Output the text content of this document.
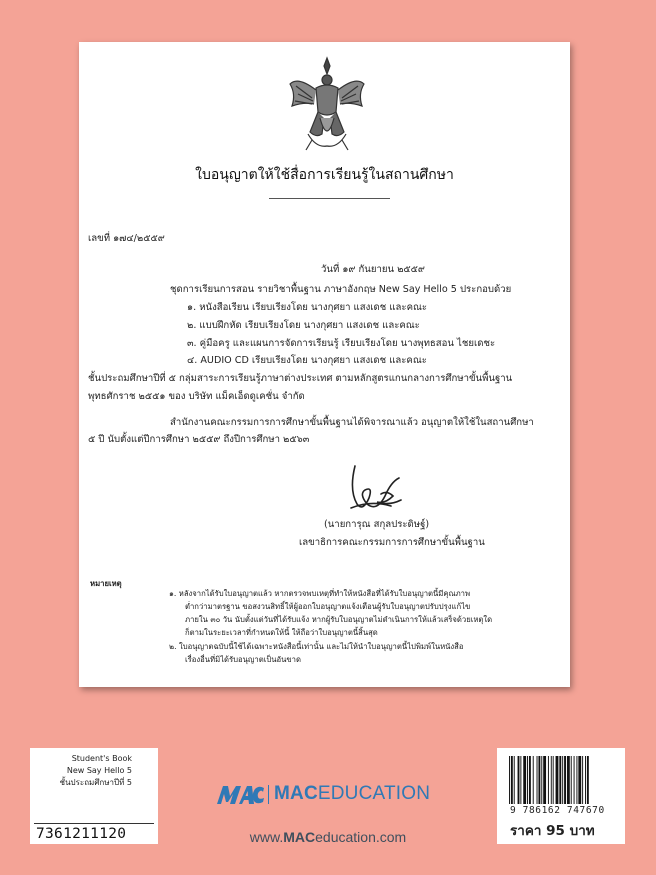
ใบอนุญาตให้ใช้สื่อการเรียนรู้ในสถานศึกษา
เลขที่ ๑๗๔/๒๕๕๙
วันที่ ๑๙ กันยายน ๒๕๕๙
ชุดการเรียนการสอน รายวิชาพื้นฐาน ภาษาอังกฤษ New Say Hello 5 ประกอบด้วย
๑. หนังสือเรียน เรียบเรียงโดย นางกุศยา แสงเดช และคณะ
๒. แบบฝึกหัด เรียบเรียงโดย นางกุศยา แสงเดช และคณะ
๓. คู่มือครู และแผนการจัดการเรียนรู้ เรียบเรียงโดย นางพุทธสอน ไชยเดชะ
๔. AUDIO CD เรียบเรียงโดย นางกุศยา แสงเดช และคณะ
ชั้นประถมศึกษาปีที่ ๕ กลุ่มสาระการเรียนรู้ภาษาต่างประเทศ ตามหลักสูตรแกนกลางการศึกษาขั้นพื้นฐาน
พุทธศักราช ๒๕๕๑ ของ บริษัท แม็คเอ็ดดูเคชั่น จำกัด
สำนักงานคณะกรรมการการศึกษาขั้นพื้นฐานได้พิจารณาแล้ว อนุญาตให้ใช้ในสถานศึกษา
๕ ปี นับตั้งแต่ปีการศึกษา ๒๕๕๙ ถึงปีการศึกษา ๒๕๖๓
(นายการุณ สกุลประดิษฐ์)
เลขาธิการคณะกรรมการการศึกษาขั้นพื้นฐาน
หมายเหตุ
๑. หลังจากได้รับใบอนุญาตแล้ว หากตรวจพบเหตุที่ทำให้หนังสือที่ได้รับใบอนุญาตนี้มีคุณภาพ
ต่ำกว่ามาตรฐาน ขอสงวนสิทธิ์ให้ผู้ออกใบอนุญาตแจ้งเตือนผู้รับใบอนุญาตปรับปรุงแก้ไข
ภายใน ๓๐ วัน นับตั้งแต่วันที่ได้รับแจ้ง หากผู้รับใบอนุญาตไม่ดำเนินการให้แล้วเสร็จด้วยเหตุใด
ก็ตามในระยะเวลาที่กำหนดให้นี้ ให้ถือว่าใบอนุญาตนี้สิ้นสุด
๒. ใบอนุญาตฉบับนี้ใช้ได้เฉพาะหนังสือนี้เท่านั้น และไม่ให้นำใบอนุญาตนี้ไปพิมพ์ในหนังสือ
เรื่องอื่นที่มิได้รับอนุญาตเป็นอันขาด
Student's Book
New Say Hello 5
ชั้นประถมศึกษาปีที่ 5
7361211120
MACEDUCATION
www.MACeducation.com
9 786162 747670
ราคา 95 บาท
